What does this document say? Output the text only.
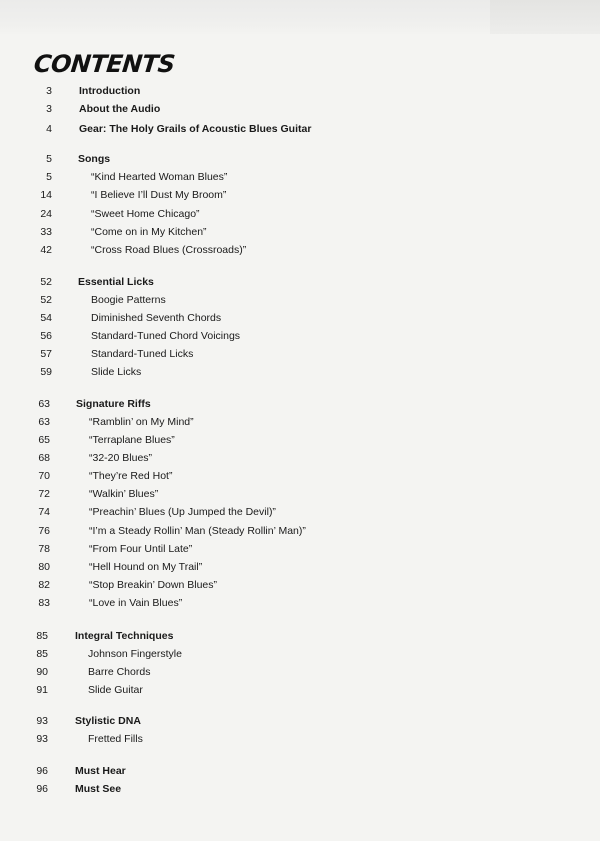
CONTENTS
3	Introduction
3	About the Audio
4	Gear: The Holy Grails of Acoustic Blues Guitar
5 Songs
5	“Kind Hearted Woman Blues”
14	“I Believe I’ll Dust My Broom”
24	“Sweet Home Chicago”
33	“Come on in My Kitchen”
42	“Cross Road Blues (Crossroads)”
52 Essential Licks
52	Boogie Patterns
54	Diminished Seventh Chords
56	Standard-Tuned Chord Voicings
57	Standard-Tuned Licks
59	Slide Licks
63 Signature Riffs
63	“Ramblin’ on My Mind”
65	“Terraplane Blues”
68	“32-20 Blues”
70	“They’re Red Hot”
72	“Walkin’ Blues”
74	“Preachin’ Blues (Up Jumped the Devil)”
76	“I’m a Steady Rollin’ Man (Steady Rollin’ Man)”
78	“From Four Until Late”
80	“Hell Hound on My Trail”
82	“Stop Breakin’ Down Blues”
83	“Love in Vain Blues”
85	Integral Techniques
85	Johnson Fingerstyle
90	Barre Chords
91	Slide Guitar
93	Stylistic DNA
93	Fretted Fills
96	Must Hear
96	Must See
